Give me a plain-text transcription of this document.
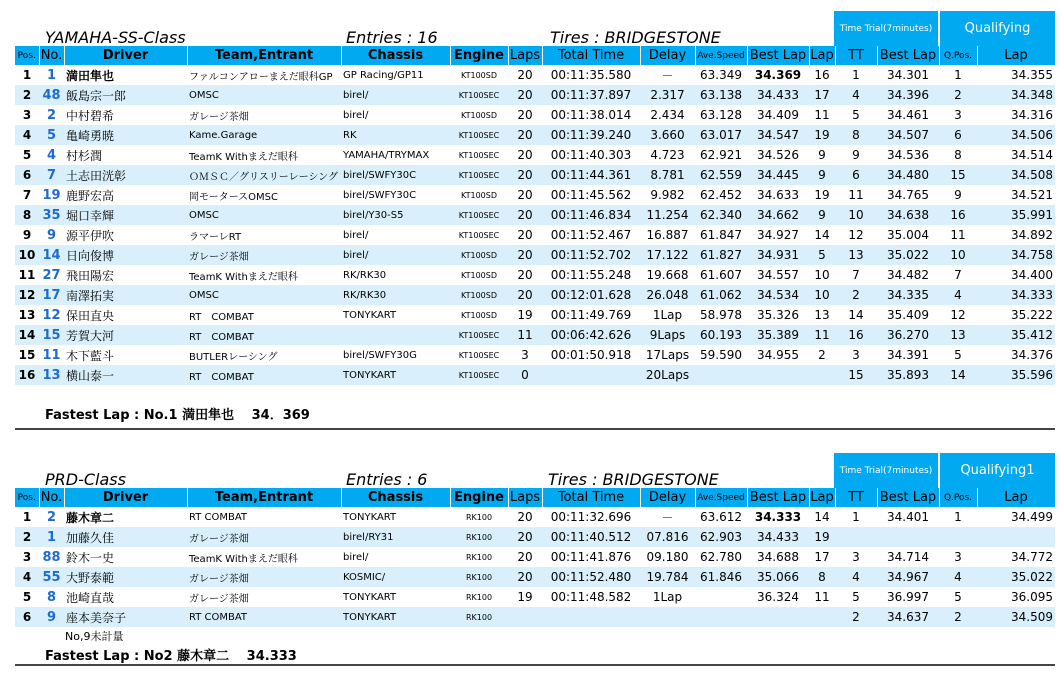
YAMAHA-SS-Class	Entries : 16	Tires : BRIDGESTONE	Time Trial(7minutes)	Qualifying
Pos.	No.	Driver	Team,Entrant	Chassis	Engine	Laps	Total Time	Delay	Ave.Speed	Best Lap	Lap	TT	Best Lap	Q.Pos.	Lap
1	1	満田隼也	ファルコンアローまえだ眼科GP	GP Racing/GP11	KT100SD	20	00:11:35.580	－	63.349	34.369	16	1	34.301	1	34.355
2	48	飯島宗一郎	OMSC	birel/	KT100SEC	20	00:11:37.897	2.317	63.138	34.433	17	4	34.396	2	34.348
3	2	中村碧希	ガレージ茶畑	birel/	KT100SD	20	00:11:38.014	2.434	63.128	34.409	11	5	34.461	3	34.316
4	5	亀崎勇暁	Kame.Garage	RK	KT100SEC	20	00:11:39.240	3.660	63.017	34.547	19	8	34.507	6	34.506
5	4	村杉潤	TeamK Withまえだ眼科	YAMAHA/TRYMAX	KT100SEC	20	00:11:40.303	4.723	62.921	34.526	9	9	34.536	8	34.514
6	7	土志田洸彰	ＯＭＳＣ／グリスリーレーシング	birel/SWFY30C	KT100SEC	20	00:11:44.361	8.781	62.559	34.445	9	6	34.480	15	34.508
7	19	鹿野宏高	岡モータースOMSC	birel/SWFY30C	KT100SD	20	00:11:45.562	9.982	62.452	34.633	19	11	34.765	9	34.521
8	35	堀口幸輝	OMSC	birel/Y30-S5	KT100SEC	20	00:11:46.834	11.254	62.340	34.662	9	10	34.638	16	35.991
9	9	源平伊吹	ラマーレRT	birel/	KT100SEC	20	00:11:52.467	16.887	61.847	34.927	14	12	35.004	11	34.892
10	14	日向俊博	ガレージ茶畑	birel/	KT100SD	20	00:11:52.702	17.122	61.827	34.931	5	13	35.022	10	34.758
11	27	飛田陽宏	TeamK Withまえだ眼科	RK/RK30	KT100SD	20	00:11:55.248	19.668	61.607	34.557	10	7	34.482	7	34.400
12	17	南澤拓実	OMSC	RK/RK30	KT100SD	20	00:12:01.628	26.048	61.062	34.534	10	2	34.335	4	34.333
13	12	保田直央	RT　COMBAT	TONYKART	KT100SD	19	00:11:49.769	1Lap	58.978	35.326	13	14	35.409	12	35.222
14	15	芳賀大河	RT　COMBAT		KT100SEC	11	00:06:42.626	9Laps	60.193	35.389	11	16	36.270	13	35.412
15	11	木下藍斗	BUTLERレーシング	birel/SWFY30G	KT100SEC	3	00:01:50.918	17Laps	59.590	34.955	2	3	34.391	5	34.376
16	13	横山泰一	RT　COMBAT	TONYKART	KT100SEC	0		20Laps				15	35.893	14	35.596
Fastest Lap : No.1 満田隼也　 34．369
PRD-Class	Entries : 6	Tires : BRIDGESTONE	Time Trial(7minutes)	Qualifying1
Pos.	No.	Driver	Team,Entrant	Chassis	Engine	Laps	Total Time	Delay	Ave.Speed	Best Lap	Lap	TT	Best Lap	Q.Pos.	Lap
1	2	藤木章二	RT COMBAT	TONYKART	RK100	20	00:11:32.696	－	63.612	34.333	14	1	34.401	1	34.499
2	1	加藤久佳	ガレージ茶畑	birel/RY31	RK100	20	00:11:40.512	07.816	62.903	34.433	19				
3	88	鈴木一史	TeamK Withまえだ眼科	birel/	RK100	20	00:11:41.876	09.180	62.780	34.688	17	3	34.714	3	34.772
4	55	大野泰範	ガレージ茶畑	KOSMIC/	RK100	20	00:11:52.480	19.784	61.846	35.066	8	4	34.967	4	35.022
5	8	池崎直哉	ガレージ茶畑	TONYKART	RK100	19	00:11:48.582	1Lap		36.324	11	5	36.997	5	36.095
6	9	座本美奈子	RT COMBAT	TONYKART	RK100							2	34.637	2	34.509
No,9未計量
Fastest Lap : No2 藤木章二　 34.333
